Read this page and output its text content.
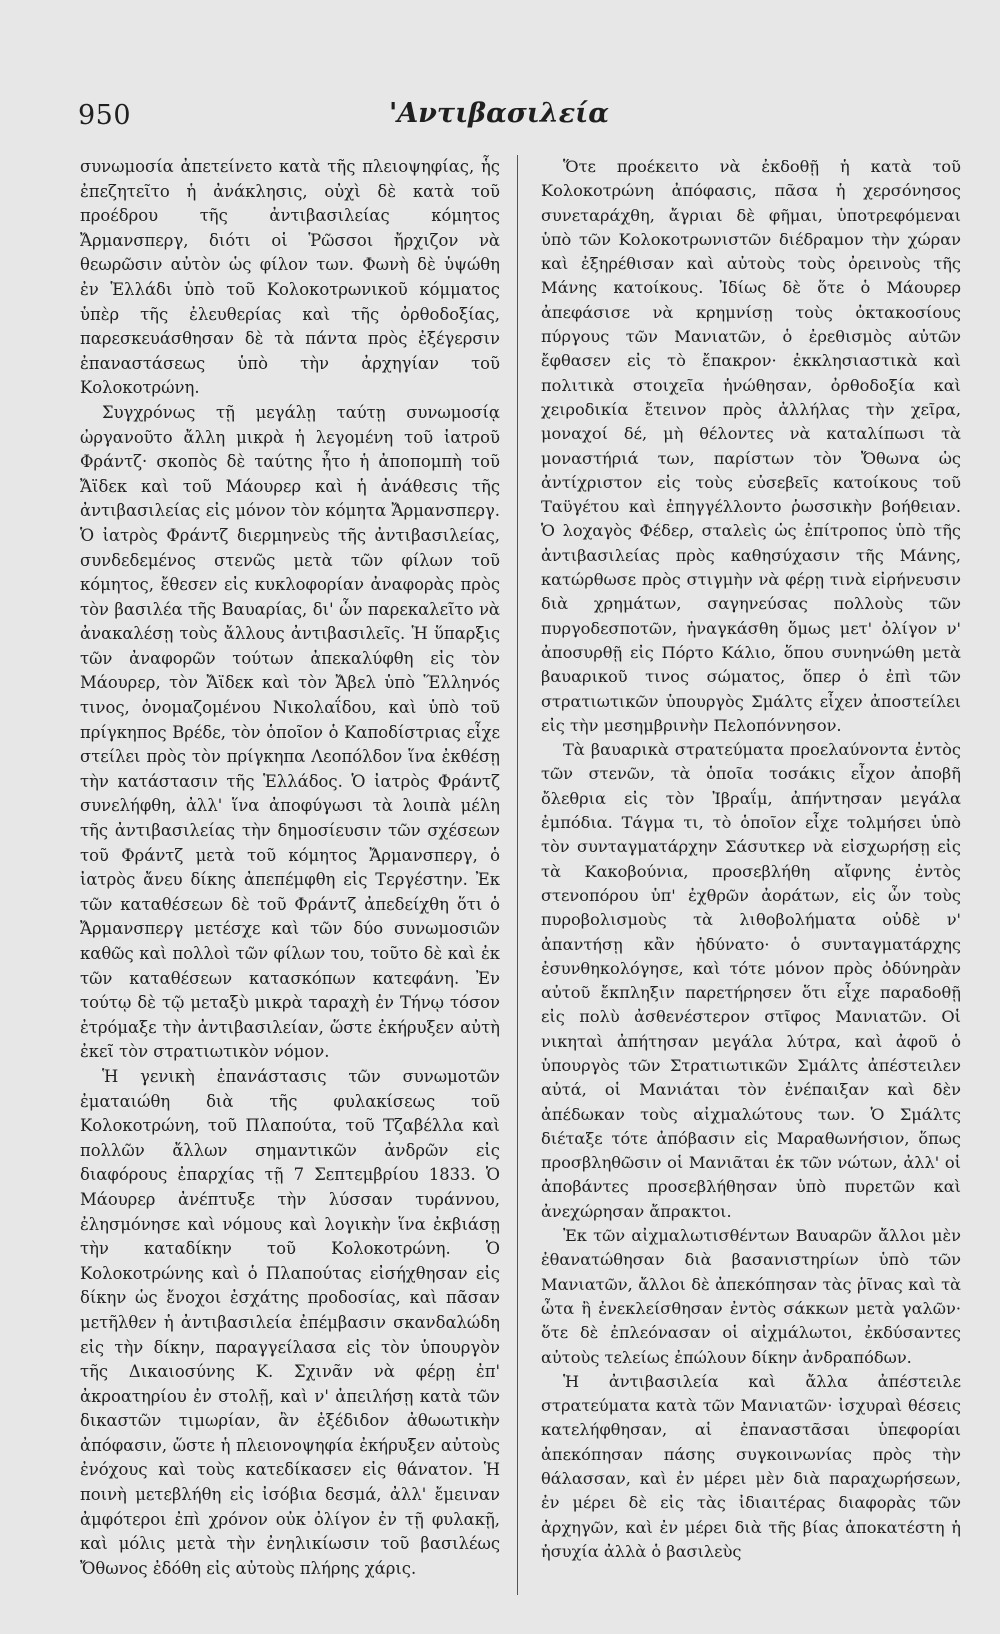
950	'Αντιβασιλεία

συνωμοσία ἀπετείνετο κατὰ τῆς πλειοψηφίας, ἧς ἐπεζητεῖτο ἡ ἀνάκλησις, οὐχὶ δὲ κατὰ τοῦ προέδρου τῆς ἀντιβασιλείας κόμητος Ἄρμανσπεργ, διότι οἱ Ῥῶσσοι ἤρχιζον νὰ θεωρῶσιν αὐτὸν ὡς φίλον των. Φωνὴ δὲ ὑψώθη ἐν Ἑλλάδι ὑπὸ τοῦ Κολοκοτρωνικοῦ κόμματος ὑπὲρ τῆς ἐλευθερίας καὶ τῆς ὀρθοδοξίας, παρεσκευάσθησαν δὲ τὰ πάντα πρὸς ἐξέγερσιν ἐπαναστάσεως ὑπὸ τὴν ἀρχηγίαν τοῦ Κολοκοτρώνη.

Συγχρόνως τῇ μεγάλῃ ταύτῃ συνωμοσίᾳ ὠργανοῦτο ἄλλη μικρὰ ἡ λεγομένη τοῦ ἰατροῦ Φράντζ· σκοπὸς δὲ ταύτης ἦτο ἡ ἀποπομπὴ τοῦ Ἄϊδεκ καὶ τοῦ Μάουρερ καὶ ἡ ἀνάθεσις τῆς ἀντιβασιλείας εἰς μόνον τὸν κόμητα Ἄρμανσπεργ. Ὁ ἰατρὸς Φράντζ διερμηνεὺς τῆς ἀντιβασιλείας, συνδεδεμένος στενῶς μετὰ τῶν φίλων τοῦ κόμητος, ἔθεσεν εἰς κυκλοφορίαν ἀναφορὰς πρὸς τὸν βασιλέα τῆς Βαυαρίας, δι' ὧν παρεκαλεῖτο νὰ ἀνακαλέσῃ τοὺς ἄλλους ἀντιβασιλεῖς. Ἡ ὕπαρξις τῶν ἀναφορῶν τούτων ἀπεκαλύφθη εἰς τὸν Μάουρερ, τὸν Ἄϊδεκ καὶ τὸν Ἄβελ ὑπὸ Ἕλληνός τινος, ὀνομαζομένου Νικολαΐδου, καὶ ὑπὸ τοῦ πρίγκηπος Βρέδε, τὸν ὁποῖον ὁ Καποδίστριας εἶχε στείλει πρὸς τὸν πρίγκηπα Λεοπόλδον ἵνα ἐκθέσῃ τὴν κατάστασιν τῆς Ἑλλάδος. Ὁ ἰατρὸς Φράντζ συνελήφθη, ἀλλ' ἵνα ἀποφύγωσι τὰ λοιπὰ μέλη τῆς ἀντιβασιλείας τὴν δημοσίευσιν τῶν σχέσεων τοῦ Φράντζ μετὰ τοῦ κόμητος Ἄρμανσπεργ, ὁ ἰατρὸς ἄνευ δίκης ἀπεπέμφθη εἰς Τεργέστην. Ἐκ τῶν καταθέσεων δὲ τοῦ Φράντζ ἀπεδείχθη ὅτι ὁ Ἄρμανσπεργ μετέσχε καὶ τῶν δύο συνωμοσιῶν καθῶς καὶ πολλοὶ τῶν φίλων του, τοῦτο δὲ καὶ ἐκ τῶν καταθέσεων κατασκόπων κατεφάνη. Ἐν τούτῳ δὲ τῷ μεταξὺ μικρὰ ταραχὴ ἐν Τήνῳ τόσον ἐτρόμαξε τὴν ἀντιβασιλείαν, ὥστε ἐκήρυξεν αὐτὴ ἐκεῖ τὸν στρατιωτικὸν νόμον.

Ἡ γενικὴ ἐπανάστασις τῶν συνωμοτῶν ἐματαιώθη διὰ τῆς φυλακίσεως τοῦ Κολοκοτρώνη, τοῦ Πλαπούτα, τοῦ Τζαβέλλα καὶ πολλῶν ἄλλων σημαντικῶν ἀνδρῶν εἰς διαφόρους ἐπαρχίας τῇ 7 Σεπτεμβρίου 1833. Ὁ Μάουρερ ἀνέπτυξε τὴν λύσσαν τυράννου, ἐλησμόνησε καὶ νόμους καὶ λογικὴν ἵνα ἐκβιάσῃ τὴν καταδίκην τοῦ Κολοκοτρώνη. Ὁ Κολοκοτρώνης καὶ ὁ Πλαπούτας εἰσήχθησαν εἰς δίκην ὡς ἔνοχοι ἐσχάτης προδοσίας, καὶ πᾶσαν μετῆλθεν ἡ ἀντιβασιλεία ἐπέμβασιν σκανδαλώδη εἰς τὴν δίκην, παραγγείλασα εἰς τὸν ὑπουργὸν τῆς Δικαιοσύνης Κ. Σχινᾶν νὰ φέρῃ ἐπ' ἀκροατηρίου ἐν στολῇ, καὶ ν' ἀπειλήσῃ κατὰ τῶν δικαστῶν τιμωρίαν, ἂν ἐξέδιδον ἀθωωτικὴν ἀπόφασιν, ὥστε ἡ πλειονοψηφία ἐκήρυξεν αὐτοὺς ἐνόχους καὶ τοὺς κατεδίκασεν εἰς θάνατον. Ἡ ποινὴ μετεβλήθη εἰς ἰσόβια δεσμά, ἀλλ' ἔμειναν ἀμφότεροι ἐπὶ χρόνον οὐκ ὀλίγον ἐν τῇ φυλακῇ, καὶ μόλις μετὰ τὴν ἐνηλικίωσιν τοῦ βασιλέως Ὄθωνος ἐδόθη εἰς αὐτοὺς πλήρης χάρις.

Ὅτε προέκειτο νὰ ἐκδοθῇ ἡ κατὰ τοῦ Κολοκοτρώνη ἀπόφασις, πᾶσα ἡ χερσόνησος συνεταράχθη, ἄγριαι δὲ φῆμαι, ὑποτρεφόμεναι ὑπὸ τῶν Κολοκοτρωνιστῶν διέδραμον τὴν χώραν καὶ ἐξηρέθισαν καὶ αὐτοὺς τοὺς ὀρεινοὺς τῆς Μάνης κατοίκους. Ἰδίως δὲ ὅτε ὁ Μάουρερ ἀπεφάσισε νὰ κρημνίσῃ τοὺς ὀκτακοσίους πύργους τῶν Μανιατῶν, ὁ ἐρεθισμὸς αὐτῶν ἔφθασεν εἰς τὸ ἔπακρον· ἐκκλησιαστικὰ καὶ πολιτικὰ στοιχεῖα ἡνώθησαν, ὀρθοδοξία καὶ χειροδικία ἔτεινον πρὸς ἀλλήλας τὴν χεῖρα, μοναχοί δέ, μὴ θέλοντες νὰ καταλίπωσι τὰ μοναστήριά των, παρίστων τὸν Ὄθωνα ὡς ἀντίχριστον εἰς τοὺς εὐσεβεῖς κατοίκους τοῦ Ταϋγέτου καὶ ἐπηγγέλλοντο ῥωσσικὴν βοήθειαν. Ὁ λοχαγὸς Φέδερ, σταλεὶς ὡς ἐπίτροπος ὑπὸ τῆς ἀντιβασιλείας πρὸς καθησύχασιν τῆς Μάνης, κατώρθωσε πρὸς στιγμὴν νὰ φέρῃ τινὰ εἰρήνευσιν διὰ χρημάτων, σαγηνεύσας πολλοὺς τῶν πυργοδεσποτῶν, ἠναγκάσθη ὅμως μετ' ὀλίγον ν' ἀποσυρθῇ εἰς Πόρτο Κάλιο, ὅπου συνηνώθη μετὰ βαυαρικοῦ τινος σώματος, ὅπερ ὁ ἐπὶ τῶν στρατιωτικῶν ὑπουργὸς Σμάλτς εἶχεν ἀποστείλει εἰς τὴν μεσημβρινὴν Πελοπόννησον.

Τὰ βαυαρικὰ στρατεύματα προελαύνοντα ἐντὸς τῶν στενῶν, τὰ ὁποῖα τοσάκις εἶχον ἀποβῆ ὄλεθρια εἰς τὸν Ἰβραΐμ, ἀπήντησαν μεγάλα ἐμπόδια. Τάγμα τι, τὸ ὁποῖον εἶχε τολμήσει ὑπὸ τὸν συνταγματάρχην Σάσυτκερ νὰ εἰσχωρήσῃ εἰς τὰ Κακοβούνια, προσεβλήθη αἴφνης ἐντὸς στενοπόρου ὑπ' ἐχθρῶν ἀοράτων, εἰς ὧν τοὺς πυροβολισμοὺς τὰ λιθοβολήματα οὐδὲ ν' ἀπαντήσῃ κἂν ἠδύνατο· ὁ συνταγματάρχης ἐσυνθηκολόγησε, καὶ τότε μόνον πρὸς ὀδύνηρὰν αὐτοῦ ἔκπληξιν παρετήρησεν ὅτι εἶχε παραδοθῇ εἰς πολὺ ἀσθενέστερον στῖφος Μανιατῶν. Οἱ νικηταὶ ἀπήτησαν μεγάλα λύτρα, καὶ ἀφοῦ ὁ ὑπουργὸς τῶν Στρατιωτικῶν Σμάλτς ἀπέστειλεν αὐτά, οἱ Μανιάται τὸν ἐνέπαιξαν καὶ δὲν ἀπέδωκαν τοὺς αἰχμαλώτους των. Ὁ Σμάλτς διέταξε τότε ἀπόβασιν εἰς Μαραθωνήσιον, ὅπως προσβληθῶσιν οἱ Μανιᾶται ἐκ τῶν νώτων, ἀλλ' οἱ ἀποβάντες προσεβλήθησαν ὑπὸ πυρετῶν καὶ ἀνεχώρησαν ἄπρακτοι.

Ἐκ τῶν αἰχμαλωτισθέντων Βαυαρῶν ἄλλοι μὲν ἐθανατώθησαν διὰ βασανιστηρίων ὑπὸ τῶν Μανιατῶν, ἄλλοι δὲ ἀπεκόπησαν τὰς ῥῖνας καὶ τὰ ὦτα ἢ ἐνεκλείσθησαν ἐντὸς σάκκων μετὰ γαλῶν· ὅτε δὲ ἐπλεόνασαν οἱ αἰχμάλωτοι, ἐκδύσαντες αὐτοὺς τελείως ἐπώλουν δίκην ἀνδραπόδων.

Ἡ ἀντιβασιλεία καὶ ἄλλα ἀπέστειλε στρατεύματα κατὰ τῶν Μανιατῶν· ἰσχυραὶ θέσεις κατελήφθησαν, αἱ ἐπαναστᾶσαι ὑπεφορίαι ἀπεκόπησαν πάσης συγκοινωνίας πρὸς τὴν θάλασσαν, καὶ ἐν μέρει μὲν διὰ παραχωρήσεων, ἐν μέρει δὲ εἰς τὰς ἰδιαιτέρας διαφορὰς τῶν ἀρχηγῶν, καὶ ἐν μέρει διὰ τῆς βίας ἀποκατέστη ἡ ἡσυχία ἀλλὰ ὁ βασιλεὺς
